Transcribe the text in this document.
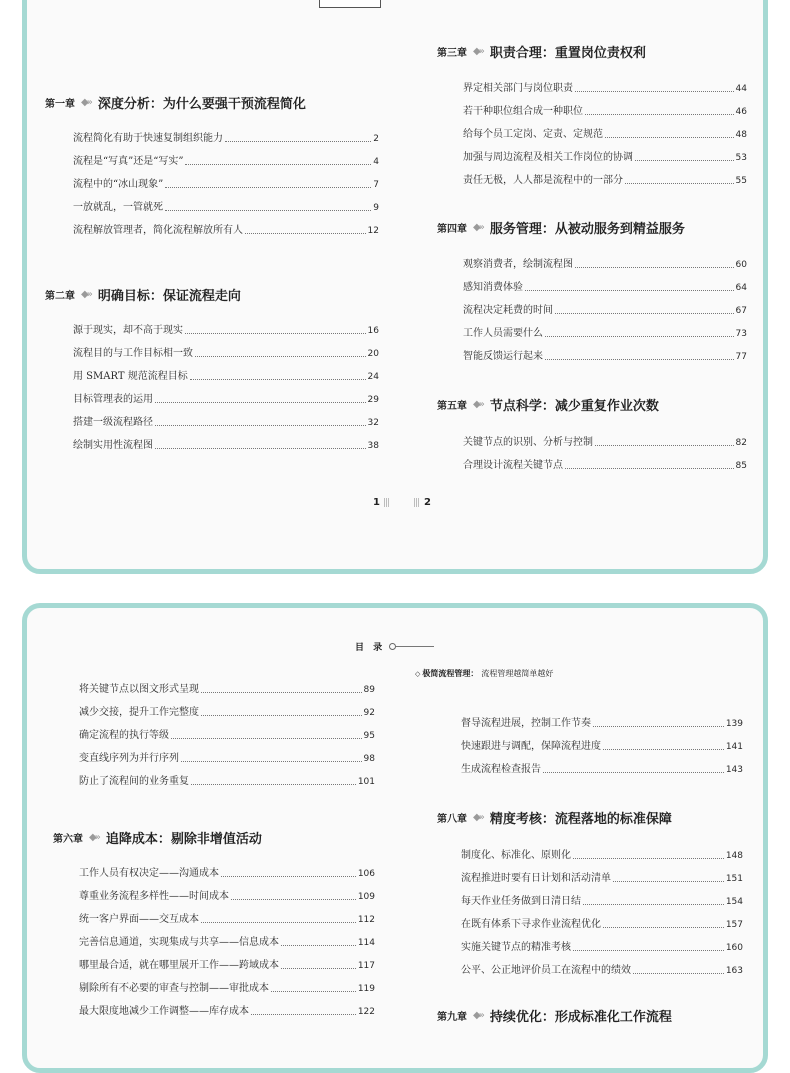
第一章 ◆» 深度分析：为什么要强干预流程简化
流程简化有助于快速复制组织能力	2
流程是“写真”还是“写实”	4
流程中的“冰山现象”	7
一放就乱，一管就死	9
流程解放管理者，简化流程解放所有人	12
第二章 ◆» 明确目标：保证流程走向
源于现实，却不高于现实	16
流程目的与工作目标相一致	20
用 SMART 规范流程目标	24
目标管理表的运用	29
搭建一级流程路径	32
绘制实用性流程图	38
第三章 ◆» 职责合理：重置岗位责权利
界定相关部门与岗位职责	44
若干种职位组合成一种职位	46
给每个员工定岗、定责、定规范	48
加强与周边流程及相关工作岗位的协调	53
责任无极，人人都是流程中的一部分	55
第四章 ◆» 服务管理：从被动服务到精益服务
观察消费者，绘制流程图	60
感知消费体验	64
流程决定耗费的时间	67
工作人员需要什么	73
智能反馈运行起来	77
第五章 ◆» 节点科学：减少重复作业次数
关键节点的识别、分析与控制	82
合理设计流程关键节点	85
1 |||	||| 2
目 录
◇ 极简流程管理： 流程管理越简单越好
将关键节点以图文形式呈现	89
减少交接，提升工作完整度	92
确定流程的执行等级	95
变直线序列为并行序列	98
防止了流程间的业务重复	101
第六章 ◆» 追降成本：剔除非增值活动
工作人员有权决定——沟通成本	106
尊重业务流程多样性——时间成本	109
统一客户界面——交互成本	112
完善信息通道，实现集成与共享——信息成本	114
哪里最合适，就在哪里展开工作——跨域成本	117
剔除所有不必要的审查与控制——审批成本	119
最大限度地减少工作调整——库存成本	122
督导流程进展，控制工作节奏	139
快速跟进与调配，保障流程进度	141
生成流程检查报告	143
第八章 ◆» 精度考核：流程落地的标准保障
制度化、标准化、原则化	148
流程推进时要有日计划和活动清单	151
每天作业任务做到日清日结	154
在既有体系下寻求作业流程优化	157
实施关键节点的精准考核	160
公平、公正地评价员工在流程中的绩效	163
第九章 ◆» 持续优化：形成标准化工作流程
